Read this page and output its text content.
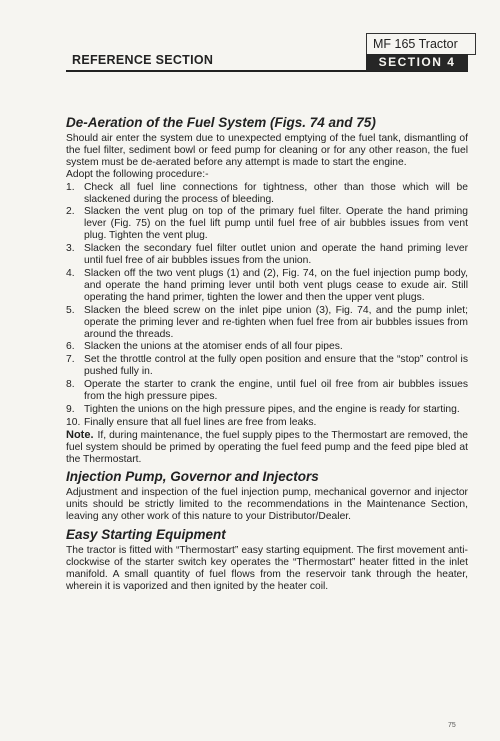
REFERENCE SECTION
MF 165 Tractor
SECTION 4
De-Aeration of the Fuel System (Figs. 74 and 75)

Should air enter the system due to unexpected emptying of the fuel tank, dismantling of the fuel filter, sediment bowl or feed pump for cleaning or for any other reason, the fuel system must be de-aerated before any attempt is made to start the engine.

Adopt the following procedure:-

1. Check all fuel line connections for tightness, other than those which will be slackened during the process of bleeding.
2. Slacken the vent plug on top of the primary fuel filter. Operate the hand priming lever (Fig. 75) on the fuel lift pump until fuel free of air bubbles issues from vent plug. Tighten the vent plug.
3. Slacken the secondary fuel filter outlet union and operate the hand priming lever until fuel free of air bubbles issues from the union.
4. Slacken off the two vent plugs (1) and (2), Fig. 74, on the fuel injection pump body, and operate the hand priming lever until both vent plugs cease to exude air. Still operating the hand primer, tighten the lower and then the upper vent plugs.
5. Slacken the bleed screw on the inlet pipe union (3), Fig. 74, and the pump inlet; operate the priming lever and re-tighten when fuel free from air bubbles issues from around the threads.
6. Slacken the unions at the atomiser ends of all four pipes.
7. Set the throttle control at the fully open position and ensure that the “stop” control is pushed fully in.
8. Operate the starter to crank the engine, until fuel oil free from air bubbles issues from the high pressure pipes.
9. Tighten the unions on the high pressure pipes, and the engine is ready for starting.
10. Finally ensure that all fuel lines are free from leaks.

Note. If, during maintenance, the fuel supply pipes to the Thermostart are removed, the fuel system should be primed by operating the fuel feed pump and the feed pipe bled at the Thermostart.

Injection Pump, Governor and Injectors

Adjustment and inspection of the fuel injection pump, mechanical governor and injector units should be strictly limited to the recommendations in the Maintenance Section, leaving any other work of this nature to your Distributor/Dealer.

Easy Starting Equipment

The tractor is fitted with “Thermostart” easy starting equipment. The first movement anti-clockwise of the starter switch key operates the “Thermostart” heater fitted in the inlet manifold. A small quantity of fuel flows from the reservoir tank through the heater, wherein it is vaporized and then ignited by the heater coil.

75
